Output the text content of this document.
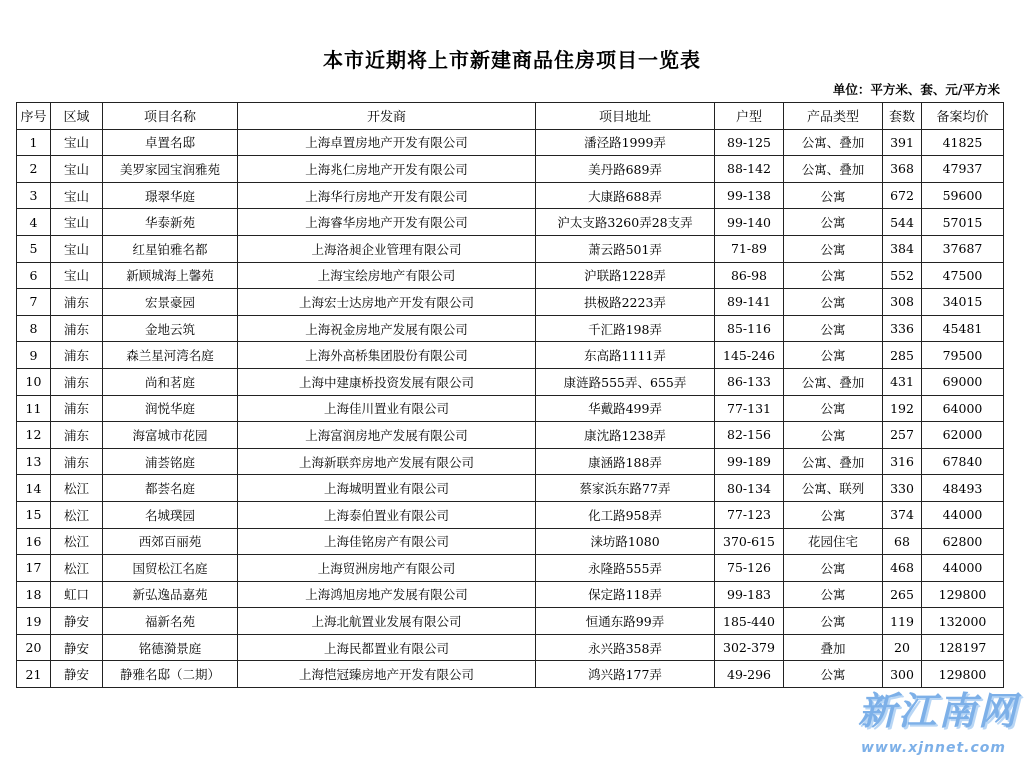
本市近期将上市新建商品住房项目一览表
单位：平方米、套、元/平方米
序号	区域	项目名称	开发商	项目地址	户型	产品类型	套数	备案均价
1	宝山	卓置名邸	上海卓置房地产开发有限公司	潘泾路1999弄	89-125	公寓、叠加	391	41825
2	宝山	美罗家园宝润雅苑	上海兆仁房地产开发有限公司	美丹路689弄	88-142	公寓、叠加	368	47937
3	宝山	璟翠华庭	上海华行房地产开发有限公司	大康路688弄	99-138	公寓	672	59600
4	宝山	华泰新苑	上海睿华房地产开发有限公司	沪太支路3260弄28支弄	99-140	公寓	544	57015
5	宝山	红星铂雅名都	上海洛昶企业管理有限公司	萧云路501弄	71-89	公寓	384	37687
6	宝山	新顾城海上馨苑	上海宝绘房地产有限公司	沪联路1228弄	86-98	公寓	552	47500
7	浦东	宏景豪园	上海宏士达房地产开发有限公司	拱极路2223弄	89-141	公寓	308	34015
8	浦东	金地云筑	上海祝金房地产发展有限公司	千汇路198弄	85-116	公寓	336	45481
9	浦东	森兰星河湾名庭	上海外高桥集团股份有限公司	东高路1111弄	145-246	公寓	285	79500
10	浦东	尚和茗庭	上海中建康桥投资发展有限公司	康涟路555弄、655弄	86-133	公寓、叠加	431	69000
11	浦东	润悦华庭	上海佳川置业有限公司	华戴路499弄	77-131	公寓	192	64000
12	浦东	海富城市花园	上海富润房地产发展有限公司	康沈路1238弄	82-156	公寓	257	62000
13	浦东	浦荟铭庭	上海新联弈房地产发展有限公司	康涵路188弄	99-189	公寓、叠加	316	67840
14	松江	都荟名庭	上海城明置业有限公司	蔡家浜东路77弄	80-134	公寓、联列	330	48493
15	松江	名城璞园	上海泰伯置业有限公司	化工路958弄	77-123	公寓	374	44000
16	松江	西郊百丽苑	上海佳铭房产有限公司	涞坊路1080	370-615	花园住宅	68	62800
17	松江	国贸松江名庭	上海贸洲房地产有限公司	永隆路555弄	75-126	公寓	468	44000
18	虹口	新弘逸品嘉苑	上海鸿旭房地产发展有限公司	保定路118弄	99-183	公寓	265	129800
19	静安	福新名苑	上海北航置业发展有限公司	恒通东路99弄	185-440	公寓	119	132000
20	静安	铭德漪景庭	上海民都置业有限公司	永兴路358弄	302-379	叠加	20	128197
21	静安	静雅名邸（二期）	上海恺冠臻房地产开发有限公司	鸿兴路177弄	49-296	公寓	300	129800
新江南网
www.xjnnet.com
